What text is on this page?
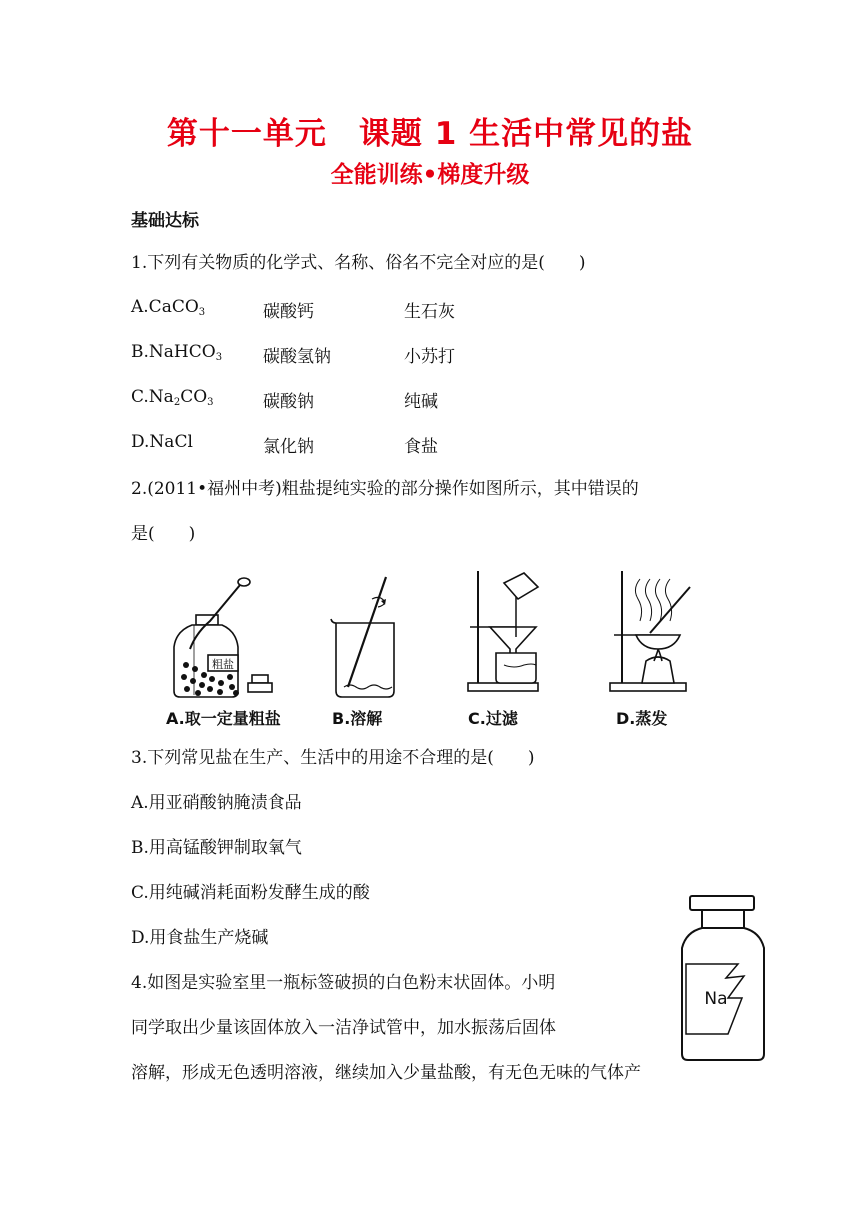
第十一单元　课题 1 生活中常见的盐
全能训练•梯度升级
基础达标
1.下列有关物质的化学式、名称、俗名不完全对应的是(　　)
A.CaCO$_3$	碳酸钙	生石灰
B.NaHCO$_3$ 碳酸氢钠	小苏打
$C.Na_2CO_3$	碳酸钠	纯碱
D.NaCl	氯化钠	食盐
2.(2011•福州中考)粗盐提纯实验的部分操作如图所示，其中错误的
是(　　)
粗盐
A.取一定量粗盐	B.溶解	C.过滤	D.蒸发
3.下列常见盐在生产、生活中的用途不合理的是(　　)
A.用亚硝酸钠腌渍食品
B.用高锰酸钾制取氧气
C.用纯碱消耗面粉发酵生成的酸
D.用食盐生产烧碱
4.如图是实验室里一瓶标签破损的白色粉末状固体。小明
同学取出少量该固体放入一洁净试管中，加水振荡后固体
溶解，形成无色透明溶液，继续加入少量盐酸，有无色无味的气体产
Na
